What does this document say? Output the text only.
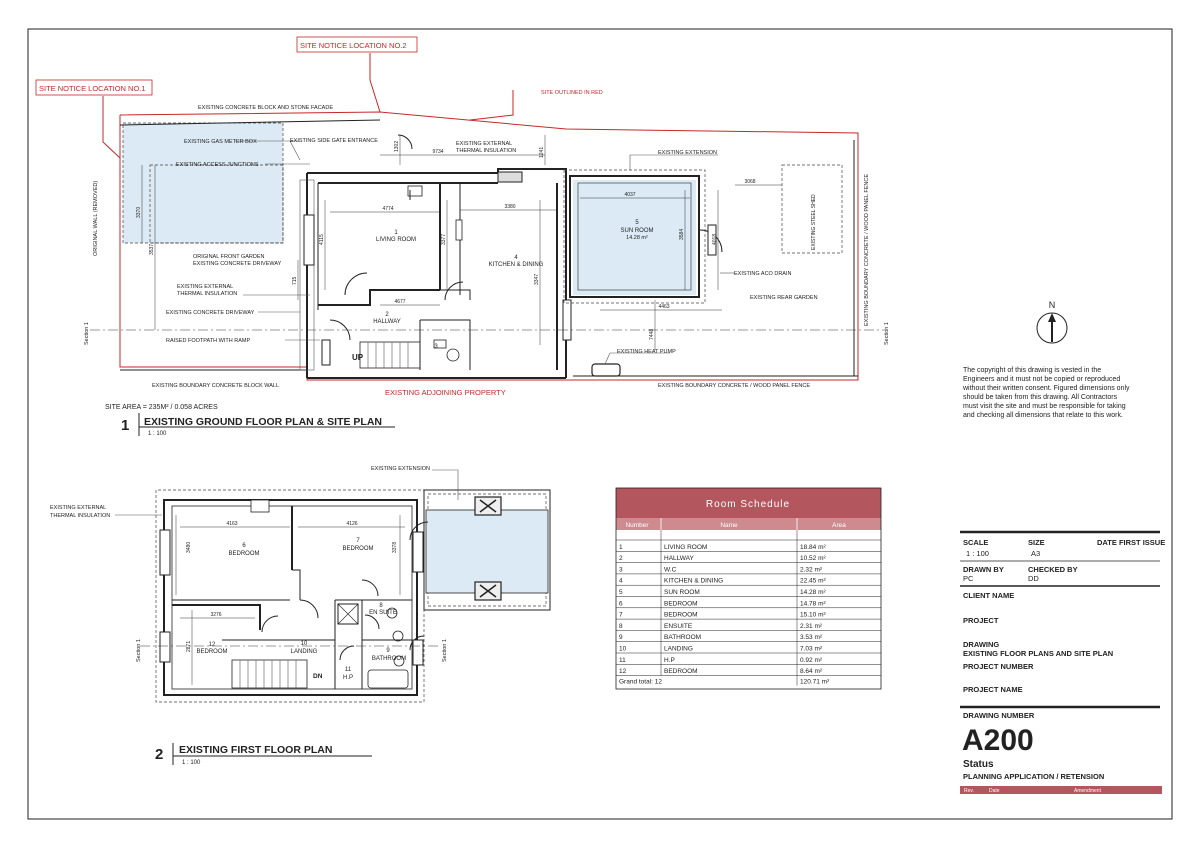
SITE NOTICE LOCATION NO.1
SITE NOTICE LOCATION NO.2
SITE OUTLINED IN RED
EXISTING CONCRETE BLOCK AND STONE FACADE
EXISTING GAS METER BOX	EXISTING SIDE GATE ENTRANCE
EXISTING ACCESS JUNCTIONS
EXISTING EXTERNAL
THERMAL INSULATION	EXISTING EXTENSION
ORIGINAL FRONT GARDEN
EXISTING CONCRETE DRIVEWAY
EXISTING EXTERNAL
THERMAL INSULATION
EXISTING CONCRETE DRIVEWAY
RAISED FOOTPATH WITH RAMP
EXISTING BOUNDARY CONCRETE BLOCK WALL
EXISTING ADJOINING PROPERTY
EXISTING BOUNDARY CONCRETE / WOOD PANEL FENCE
EXISTING ACO DRAIN
EXISTING REAR GARDEN
EXISTING HEAT PUMP
EXISTING STEEL SHED	EXISTING BOUNDARY CONCRETE / WOOD PANEL FENCE
ORIGINAL WALL (REMOVED)
Section 1	Section 1
UP
1
LIVING ROOM
2
HALLWAY
3
4
KITCHEN & DINING
5
SUN ROOM
14.28 m²
4774	3380
4677
4037
4463
9734
3068
3370
3537
4115	3377
3347
3584	4018
1302
7448
715
1241
SITE AREA = 235M² / 0.058 ACRES
1 EXISTING GROUND FLOOR PLAN & SITE PLAN
1 : 100
4163	4126
3276
3480	3378
2871
Section 1	Section 1
EXISTING EXTENSION
EXISTING EXTERNAL
THERMAL INSULATION
DN
6
BEDROOM
7
BEDROOM
8
EN SUITE
9
BATHROOM
10
LANDING
11
H.P
12
BEDROOM
2 EXISTING FIRST FLOOR PLAN
1 : 100
N
Room Schedule
Number	Name	Area
1	LIVING ROOM	18.84 m²
2	HALLWAY	10.52 m²
3	W.C	2.32 m²
4	KITCHEN & DINING	22.45 m²
5	SUN ROOM	14.28 m²
6	BEDROOM	14.78 m²
7	BEDROOM	15.10 m²
8	ENSUITE	2.31 m²
9	BATHROOM	3.53 m²
10	LANDING	7.03 m²
11	H.P	0.92 m²
12	BEDROOM	8.64 m²
Grand total: 12	120.71 m²
The copyright of this drawing is vested in the
Engineers and it must not be copied or reproduced
without their written consent. Figured dimensions only
should be taken from this drawing. All Contractors
must visit the site and must be responsible for taking
and checking all dimensions that relate to this work.
SCALE	SIZE	DATE FIRST ISSUE
1 : 100	A3
DRAWN BY	CHECKED BY
PC	DD
CLIENT NAME
PROJECT
DRAWING
EXISTING FLOOR PLANS AND SITE PLAN
PROJECT NUMBER
PROJECT NAME
DRAWING NUMBER
A200
Status
PLANNING APPLICATION / RETENSION
Rev.	Date	Amendment
